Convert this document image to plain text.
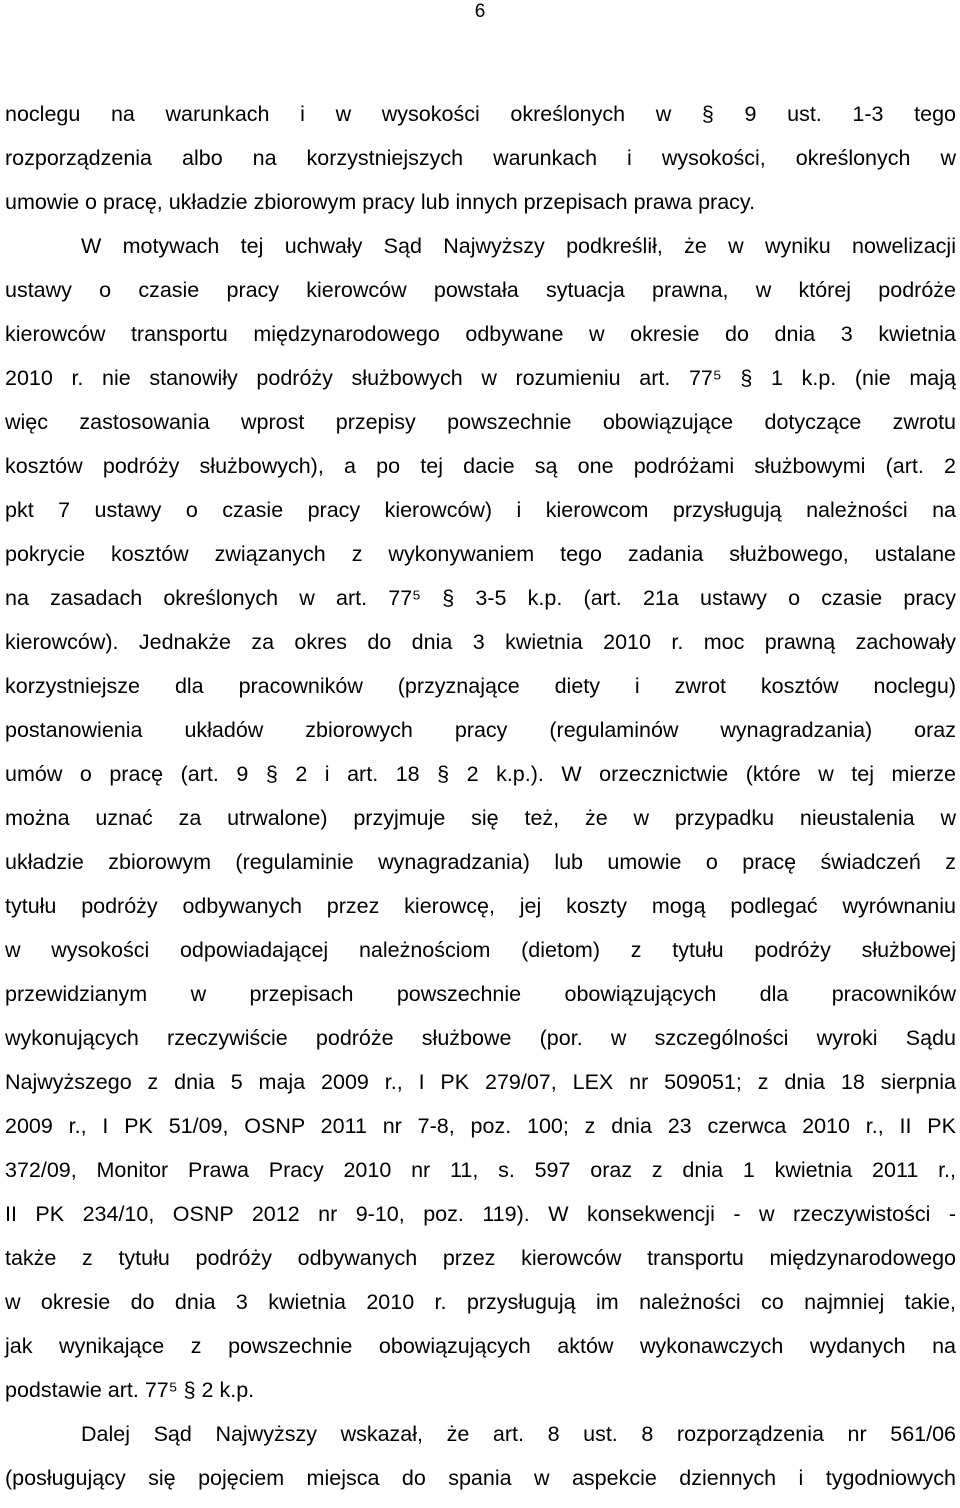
6
noclegu na warunkach i w wysokości określonych w § 9 ust. 1-3 tego
rozporządzenia albo na korzystniejszych warunkach i wysokości, określonych w
umowie o pracę, układzie zbiorowym pracy lub innych przepisach prawa pracy.
W motywach tej uchwały Sąd Najwyższy podkreślił, że w wyniku nowelizacji
ustawy o czasie pracy kierowców powstała sytuacja prawna, w której podróże
kierowców transportu międzynarodowego odbywane w okresie do dnia 3 kwietnia
2010 r. nie stanowiły podróży służbowych w rozumieniu art. 77⁵ § 1 k.p. (nie mają
więc zastosowania wprost przepisy powszechnie obowiązujące dotyczące zwrotu
kosztów podróży służbowych), a po tej dacie są one podróżami służbowymi (art. 2
pkt 7 ustawy o czasie pracy kierowców) i kierowcom przysługują należności na
pokrycie kosztów związanych z wykonywaniem tego zadania służbowego, ustalane
na zasadach określonych w art. 77⁵ § 3-5 k.p. (art. 21a ustawy o czasie pracy
kierowców). Jednakże za okres do dnia 3 kwietnia 2010 r. moc prawną zachowały
korzystniejsze dla pracowników (przyznające diety i zwrot kosztów noclegu)
postanowienia układów zbiorowych pracy (regulaminów wynagradzania) oraz
umów o pracę (art. 9 § 2 i art. 18 § 2 k.p.). W orzecznictwie (które w tej mierze
można uznać za utrwalone) przyjmuje się też, że w przypadku nieustalenia w
układzie zbiorowym (regulaminie wynagradzania) lub umowie o pracę świadczeń z
tytułu podróży odbywanych przez kierowcę, jej koszty mogą podlegać wyrównaniu
w wysokości odpowiadającej należnościom (dietom) z tytułu podróży służbowej
przewidzianym w przepisach powszechnie obowiązujących dla pracowników
wykonujących rzeczywiście podróże służbowe (por. w szczególności wyroki Sądu
Najwyższego z dnia 5 maja 2009 r., I PK 279/07, LEX nr 509051; z dnia 18 sierpnia
2009 r., I PK 51/09, OSNP 2011 nr 7-8, poz. 100; z dnia 23 czerwca 2010 r., II PK
372/09, Monitor Prawa Pracy 2010 nr 11, s. 597 oraz z dnia 1 kwietnia 2011 r.,
II PK 234/10, OSNP 2012 nr 9-10, poz. 119). W konsekwencji - w rzeczywistości -
także z tytułu podróży odbywanych przez kierowców transportu międzynarodowego
w okresie do dnia 3 kwietnia 2010 r. przysługują im należności co najmniej takie,
jak wynikające z powszechnie obowiązujących aktów wykonawczych wydanych na
podstawie art. 77⁵ § 2 k.p.
Dalej Sąd Najwyższy wskazał, że art. 8 ust. 8 rozporządzenia nr 561/06
(posługujący się pojęciem miejsca do spania w aspekcie dziennych i tygodniowych
